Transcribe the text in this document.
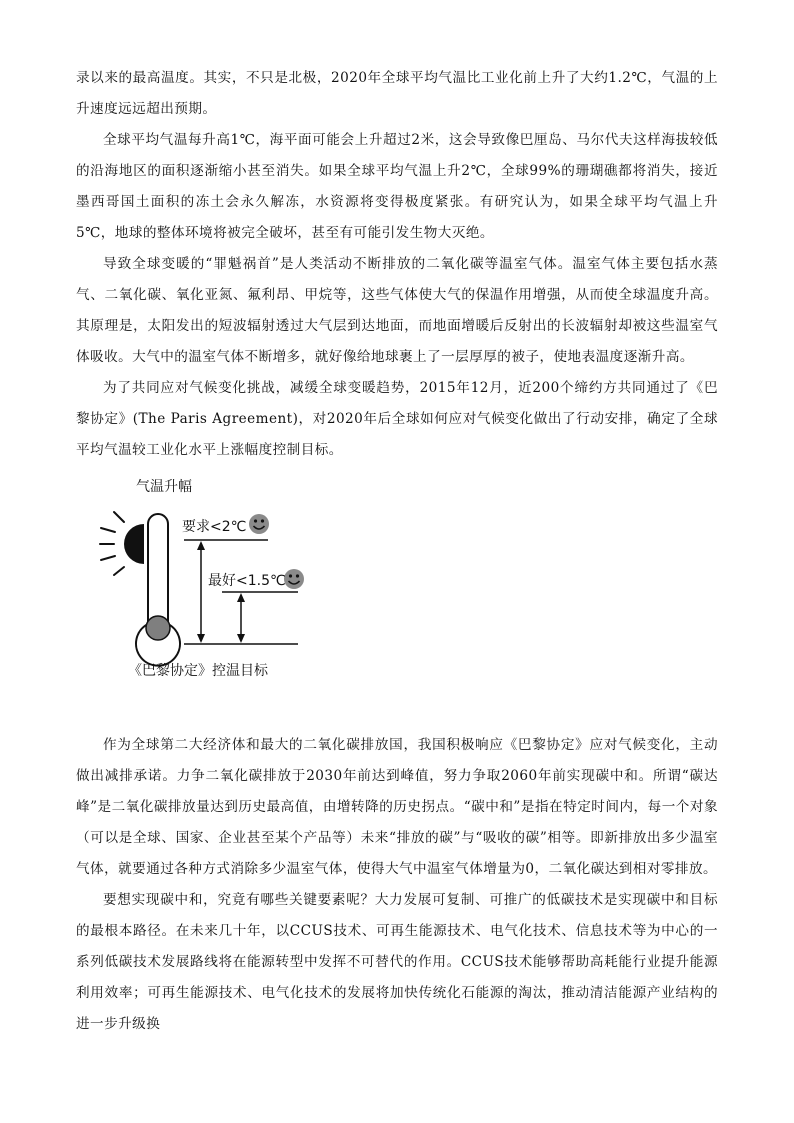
录以来的最高温度。其实，不只是北极，2020年全球平均气温比工业化前上升了大约1.2℃，气温的上升速度远远超出预期。

全球平均气温每升高1℃，海平面可能会上升超过2米，这会导致像巴厘岛、马尔代夫这样海拔较低的沿海地区的面积逐渐缩小甚至消失。如果全球平均气温上升2℃，全球99%的珊瑚礁都将消失，接近墨西哥国土面积的冻土会永久解冻，水资源将变得极度紧张。有研究认为，如果全球平均气温上升5℃，地球的整体环境将被完全破坏，甚至有可能引发生物大灭绝。

导致全球变暖的“罪魁祸首”是人类活动不断排放的二氧化碳等温室气体。温室气体主要包括水蒸气、二氧化碳、氧化亚氮、氟利昂、甲烷等，这些气体使大气的保温作用增强，从而使全球温度升高。其原理是，太阳发出的短波辐射透过大气层到达地面，而地面增暖后反射出的长波辐射却被这些温室气体吸收。大气中的温室气体不断增多，就好像给地球裹上了一层厚厚的被子，使地表温度逐渐升高。

为了共同应对气候变化挑战，减缓全球变暖趋势，2015年12月，近200个缔约方共同通过了《巴黎协定》(The Paris Agreement)，对2020年后全球如何应对气候变化做出了行动安排，确定了全球平均气温较工业化水平上涨幅度控制目标。

气温升幅
要求<2℃
最好<1.5℃
《巴黎协定》控温目标

作为全球第二大经济体和最大的二氧化碳排放国，我国积极响应《巴黎协定》应对气候变化，主动做出减排承诺。力争二氧化碳排放于2030年前达到峰值，努力争取2060年前实现碳中和。所谓“碳达峰”是二氧化碳排放量达到历史最高值，由增转降的历史拐点。“碳中和”是指在特定时间内，每一个对象（可以是全球、国家、企业甚至某个产品等）未来“排放的碳”与“吸收的碳”相等。即新排放出多少温室气体，就要通过各种方式消除多少温室气体，使得大气中温室气体增量为0，二氧化碳达到相对零排放。

要想实现碳中和，究竟有哪些关键要素呢？大力发展可复制、可推广的低碳技术是实现碳中和目标的最根本路径。在未来几十年，以CCUS技术、可再生能源技术、电气化技术、信息技术等为中心的一系列低碳技术发展路线将在能源转型中发挥不可替代的作用。CCUS技术能够帮助高耗能行业提升能源利用效率；可再生能源技术、电气化技术的发展将加快传统化石能源的淘汰，推动清洁能源产业结构的进一步升级换
